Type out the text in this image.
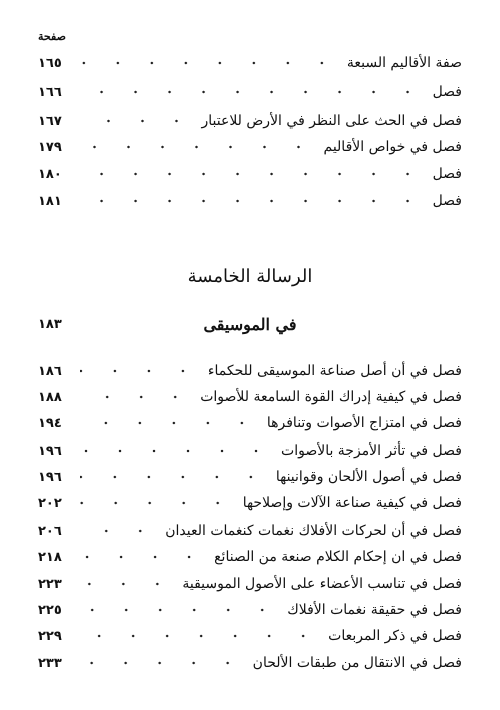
صفحة
١٦٥	صفة الأقاليم السبعة
١٦٦	فصل
١٦٧	فصل في الحث على النظر في الأرض للاعتبار
١٧٩	فصل في خواص الأقاليم
١٨٠	فصل
١٨١	فصل
الرسالة الخامسة
١٨٣	في الموسيقى
١٨٦	فصل في أن أصل صناعة الموسيقى للحكماء
١٨٨	فصل في كيفية إدراك القوة السامعة للأصوات
١٩٤	فصل في امتزاج الأصوات وتنافرها
١٩٦	فصل في تأثر الأمزجة بالأصوات
١٩٦	فصل في أصول الألحان وقوانينها
٢٠٢	فصل في كيفية صناعة الآلات وإصلاحها
٢٠٦	فصل في أن لحركات الأفلاك نغمات كنغمات العيدان
٢١٨	فصل في ان إحكام الكلام صنعة من الصنائع
٢٢٣	فصل في تناسب الأعضاء على الأصول الموسيقية
٢٢٥	فصل في حقيقة نغمات الأفلاك
٢٢٩	فصل في ذكر المربعات
٢٣٣	فصل في الانتقال من طبقات الألحان
